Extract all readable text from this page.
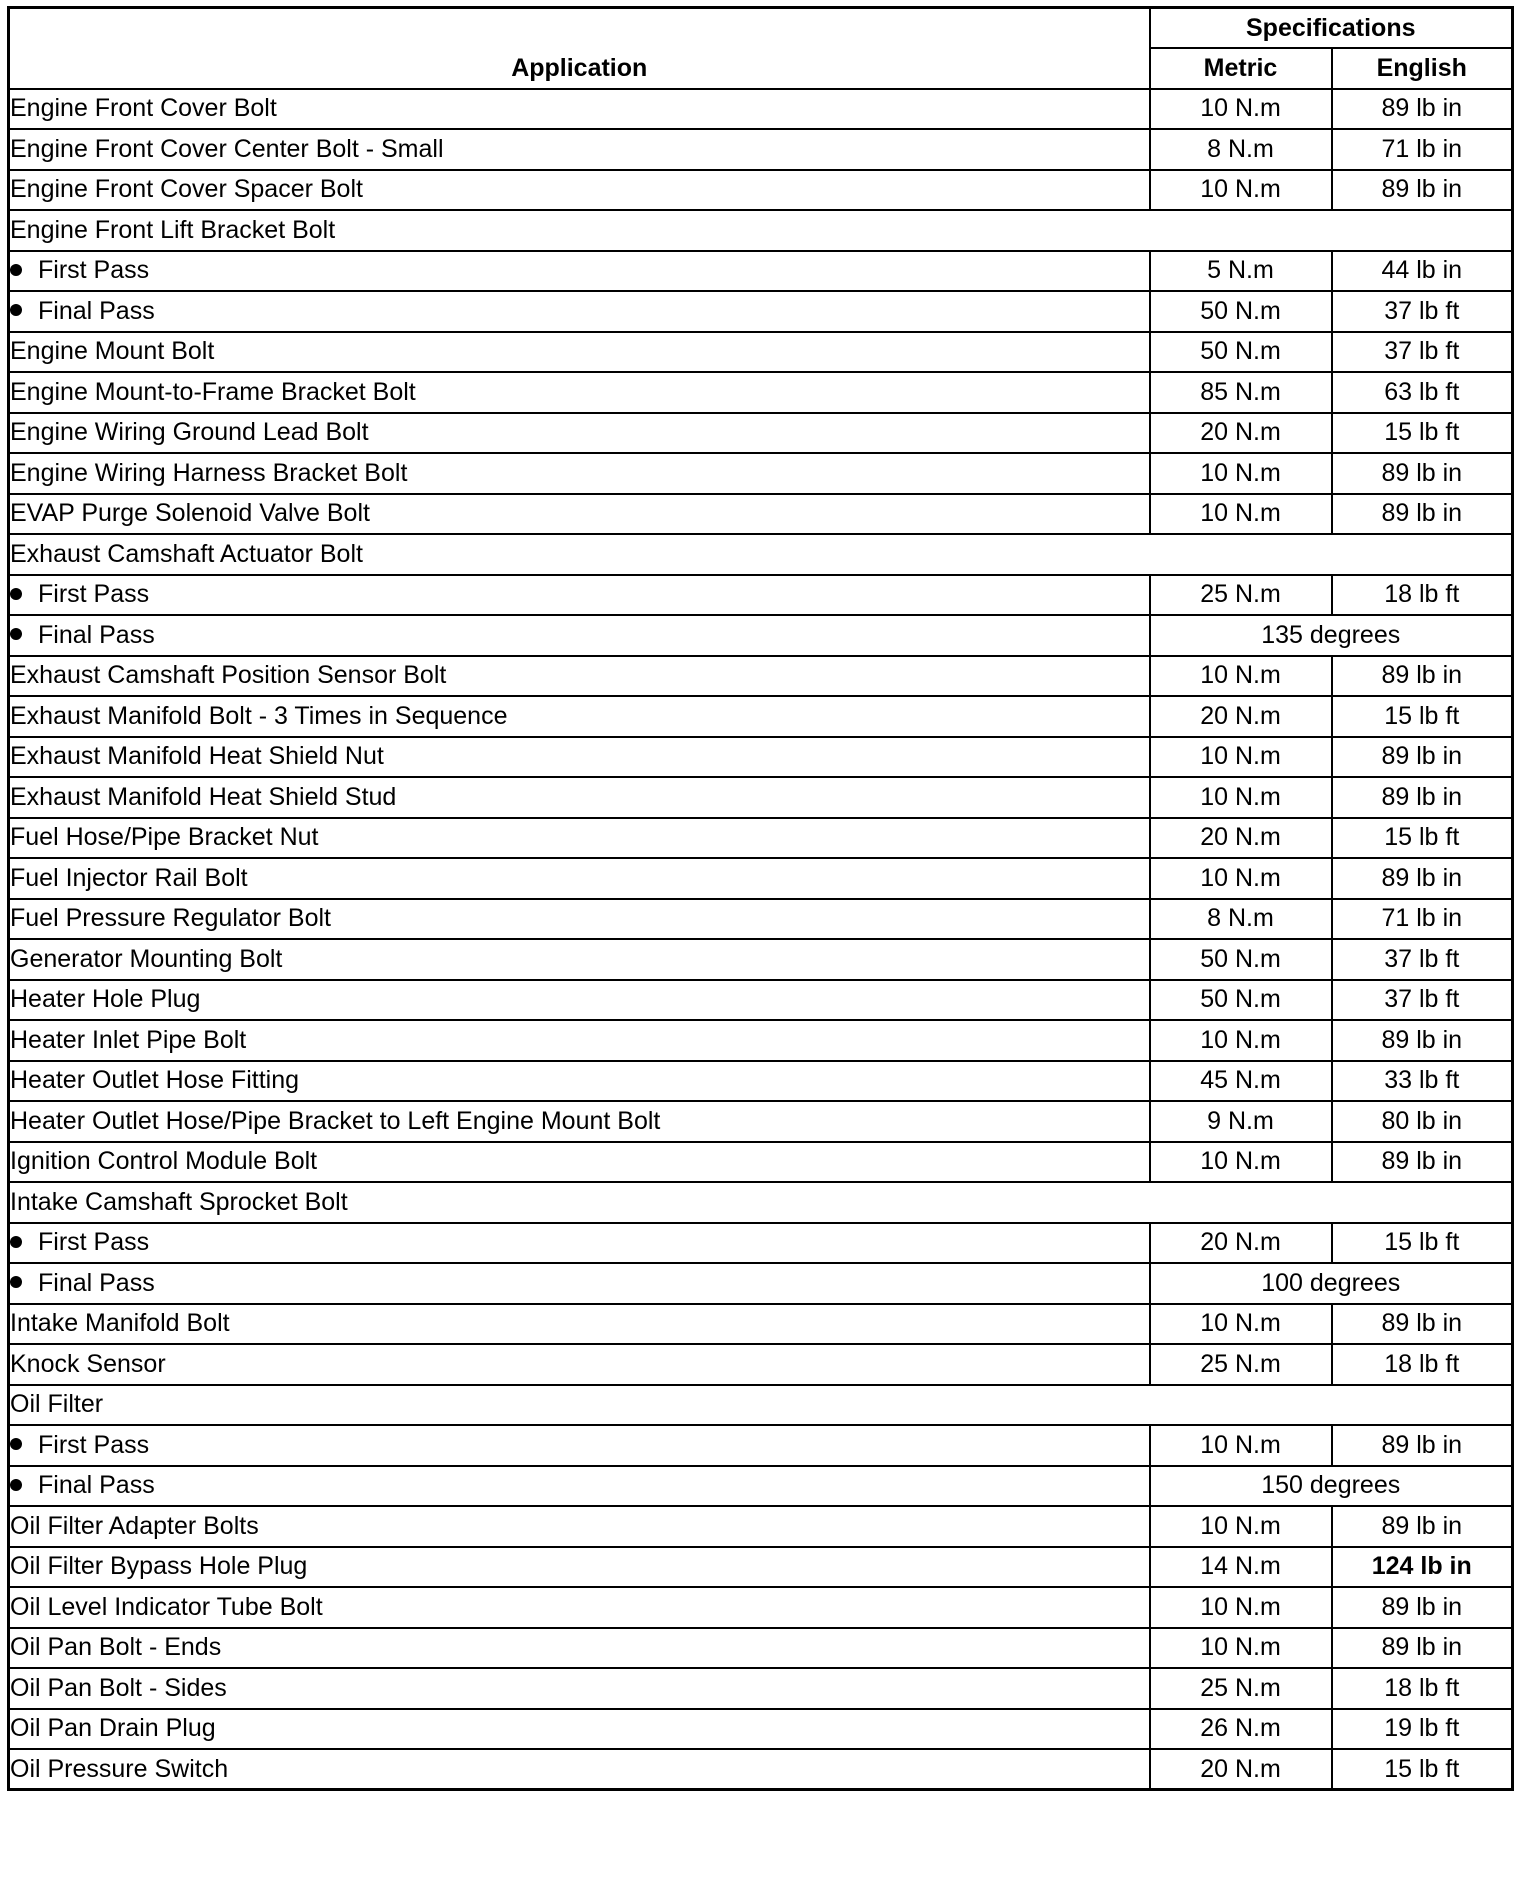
Application	Specifications	
	Metric	English
Engine Front Cover Bolt	10 N.m	89 lb in
Engine Front Cover Center Bolt - Small	8 N.m	71 lb in
Engine Front Cover Spacer Bolt	10 N.m	89 lb in
Engine Front Lift Bracket Bolt		
First Pass	5 N.m	44 lb in
Final Pass	50 N.m	37 lb ft
Engine Mount Bolt	50 N.m	37 lb ft
Engine Mount-to-Frame Bracket Bolt	85 N.m	63 lb ft
Engine Wiring Ground Lead Bolt	20 N.m	15 lb ft
Engine Wiring Harness Bracket Bolt	10 N.m	89 lb in
EVAP Purge Solenoid Valve Bolt	10 N.m	89 lb in
Exhaust Camshaft Actuator Bolt		
First Pass	25 N.m	18 lb ft
Final Pass	135 degrees	
Exhaust Camshaft Position Sensor Bolt	10 N.m	89 lb in
Exhaust Manifold Bolt - 3 Times in Sequence	20 N.m	15 lb ft
Exhaust Manifold Heat Shield Nut	10 N.m	89 lb in
Exhaust Manifold Heat Shield Stud	10 N.m	89 lb in
Fuel Hose/Pipe Bracket Nut	20 N.m	15 lb ft
Fuel Injector Rail Bolt	10 N.m	89 lb in
Fuel Pressure Regulator Bolt	8 N.m	71 lb in
Generator Mounting Bolt	50 N.m	37 lb ft
Heater Hole Plug	50 N.m	37 lb ft
Heater Inlet Pipe Bolt	10 N.m	89 lb in
Heater Outlet Hose Fitting	45 N.m	33 lb ft
Heater Outlet Hose/Pipe Bracket to Left Engine Mount Bolt	9 N.m	80 lb in
Ignition Control Module Bolt	10 N.m	89 lb in
Intake Camshaft Sprocket Bolt		
First Pass	20 N.m	15 lb ft
Final Pass	100 degrees	
Intake Manifold Bolt	10 N.m	89 lb in
Knock Sensor	25 N.m	18 lb ft
Oil Filter		
First Pass	10 N.m	89 lb in
Final Pass	150 degrees	
Oil Filter Adapter Bolts	10 N.m	89 lb in
Oil Filter Bypass Hole Plug	14 N.m	124 lb in
Oil Level Indicator Tube Bolt	10 N.m	89 lb in
Oil Pan Bolt - Ends	10 N.m	89 lb in
Oil Pan Bolt - Sides	25 N.m	18 lb ft
Oil Pan Drain Plug	26 N.m	19 lb ft
Oil Pressure Switch	20 N.m	15 lb ft
